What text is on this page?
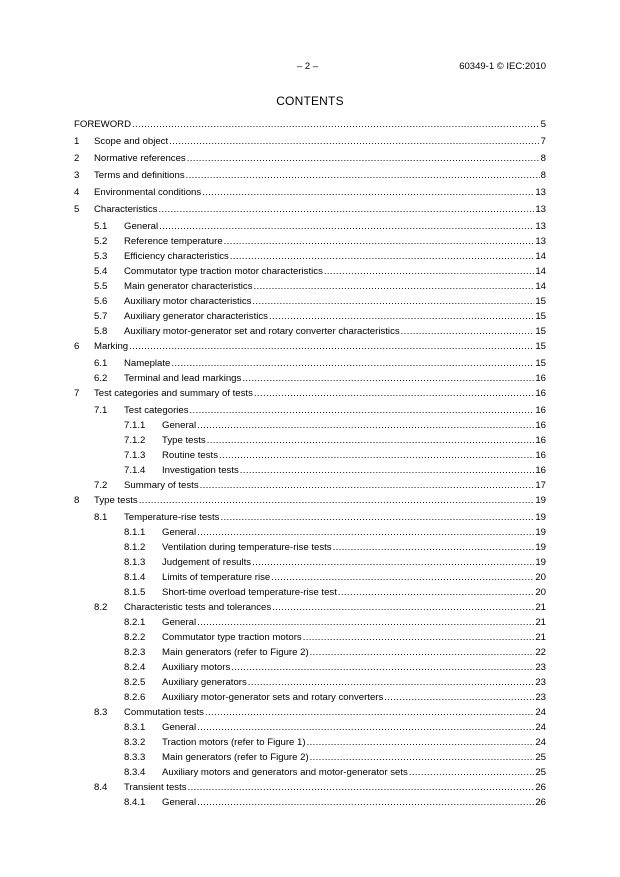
– 2 –	60349-1 © IEC:2010
CONTENTS
FOREWORD .....	5
1 Scope and object .....	7
2 Normative references .....	8
3 Terms and definitions .....	8
4 Environmental conditions .....	13
5 Characteristics .....	13
5.1 General .....	13
5.2 Reference temperature .....	13
5.3 Efficiency characteristics .....	14
5.4 Commutator type traction motor characteristics .....	14
5.5 Main generator characteristics .....	14
5.6 Auxiliary motor characteristics .....	15
5.7 Auxiliary generator characteristics .....	15
5.8 Auxiliary motor-generator set and rotary converter characteristics .....	15
6 Marking .....	15
6.1 Nameplate .....	15
6.2 Terminal and lead markings .....	16
7 Test categories and summary of tests .....	16
7.1 Test categories .....	16
7.1.1 General .....	16
7.1.2 Type tests .....	16
7.1.3 Routine tests .....	16
7.1.4 Investigation tests .....	16
7.2 Summary of tests .....	17
8 Type tests .....	19
8.1 Temperature-rise tests .....	19
8.1.1 General .....	19
8.1.2 Ventilation during temperature-rise tests .....	19
8.1.3 Judgement of results .....	19
8.1.4 Limits of temperature rise .....	20
8.1.5 Short-time overload temperature-rise test .....	20
8.2 Characteristic tests and tolerances .....	21
8.2.1 General .....	21
8.2.2 Commutator type traction motors .....	21
8.2.3 Main generators (refer to Figure 2) .....	22
8.2.4 Auxiliary motors .....	23
8.2.5 Auxiliary generators .....	23
8.2.6 Auxiliary motor-generator sets and rotary converters .....	23
8.3 Commutation tests .....	24
8.3.1 General .....	24
8.3.2 Traction motors (refer to Figure 1) .....	24
8.3.3 Main generators (refer to Figure 2) .....	25
8.3.4 Auxiliary motors and generators and motor-generator sets .....	25
8.4 Transient tests .....	26
8.4.1 General .....	26
